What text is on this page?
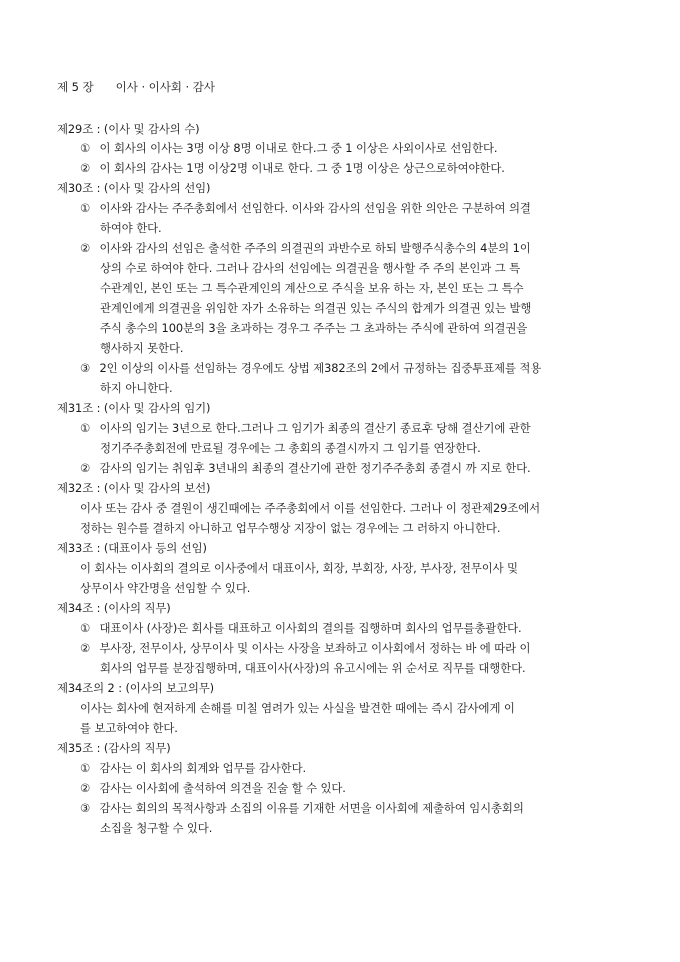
제 5 장 이사 · 이사회 · 감사
제29조 : (이사 및 감사의 수)
① 이 회사의 이사는 3명 이상 8명 이내로 한다.그 중 1 이상은 사외이사로 선임한다.
② 이 회사의 감사는 1명 이상2명 이내로 한다. 그 중 1명 이상은 상근으로하여야한다.
제30조 : (이사 및 감사의 선임)
① 이사와 감사는 주주총회에서 선임한다. 이사와 감사의 선임을 위한 의안은 구분하여 의결
하여야 한다.
② 이사와 감사의 선임은 출석한 주주의 의결권의 과반수로 하되 발행주식총수의 4분의 1이
상의 수로 하여야 한다. 그러나 감사의 선임에는 의결권을 행사할 주 주의 본인과 그 특
수관계인, 본인 또는 그 특수관계인의 계산으로 주식을 보유 하는 자, 본인 또는 그 특수
관계인에게 의결권을 위임한 자가 소유하는 의결권 있는 주식의 합계가 의결권 있는 발행
주식 총수의 100분의 3을 초과하는 경우그 주주는 그 초과하는 주식에 관하여 의결권을
행사하지 못한다.
③ 2인 이상의 이사를 선임하는 경우에도 상법 제382조의 2에서 규정하는 집중투표제를 적용
하지 아니한다.
제31조 : (이사 및 감사의 임기)
① 이사의 임기는 3년으로 한다.그러나 그 임기가 최종의 결산기 종료후 당해 결산기에 관한
정기주주총회전에 만료될 경우에는 그 총회의 종결시까지 그 임기를 연장한다.
② 감사의 임기는 취임후 3년내의 최종의 결산기에 관한 정기주주총회 종결시 까 지로 한다.
제32조 : (이사 및 감사의 보선)
이사 또는 감사 중 결원이 생긴때에는 주주총회에서 이를 선임한다. 그러나 이 정관제29조에서
정하는 원수를 결하지 아니하고 업무수행상 지장이 없는 경우에는 그 러하지 아니한다.
제33조 : (대표이사 등의 선임)
이 회사는 이사회의 결의로 이사중에서 대표이사, 회장, 부회장, 사장, 부사장, 전무이사 및
상무이사 약간명을 선임할 수 있다.
제34조 : (이사의 직무)
① 대표이사 (사장)은 회사를 대표하고 이사회의 결의를 집행하며 회사의 업무를총괄한다.
② 부사장, 전무이사, 상무이사 및 이사는 사장을 보좌하고 이사회에서 정하는 바 에 따라 이
회사의 업무를 분장집행하며, 대표이사(사장)의 유고시에는 위 순서로 직무를 대행한다.
제34조의 2 : (이사의 보고의무)
이사는 회사에 현저하게 손해를 미칠 염려가 있는 사실을 발견한 때에는 즉시 감사에게 이
를 보고하여야 한다.
제35조 : (감사의 직무)
① 감사는 이 회사의 회계와 업무를 감사한다.
② 감사는 이사회에 출석하여 의견을 진술 할 수 있다.
③ 감사는 회의의 목적사항과 소집의 이유를 기재한 서면을 이사회에 제출하여 임시총회의
소집을 청구할 수 있다.
